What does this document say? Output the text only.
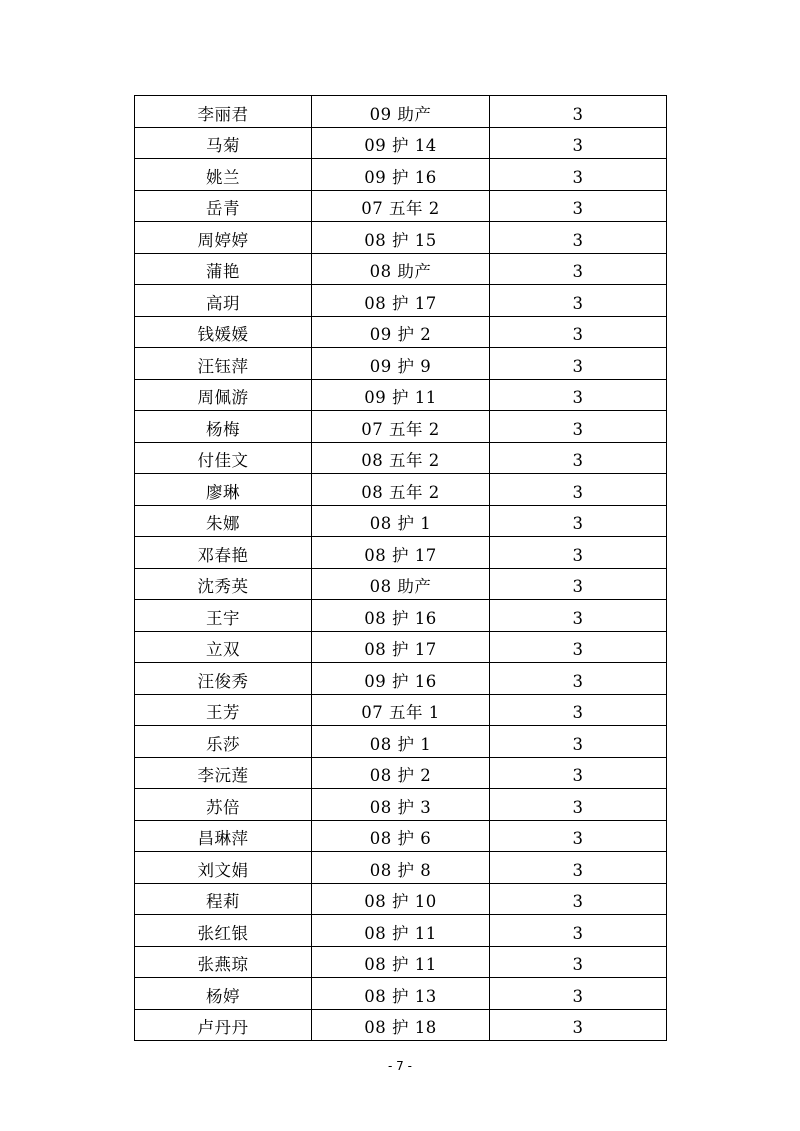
李丽君	09 助产	3
马菊	09 护 14	3
姚兰	09 护 16	3
岳青	07 五年 2	3
周婷婷	08 护 15	3
蒲艳	08 助产	3
高玥	08 护 17	3
钱媛媛	09 护 2	3
汪钰萍	09 护 9	3
周佩游	09 护 11	3
杨梅	07 五年 2	3
付佳文	08 五年 2	3
廖琳	08 五年 2	3
朱娜	08 护 1	3
邓春艳	08 护 17	3
沈秀英	08 助产	3
王宇	08 护 16	3
立双	08 护 17	3
汪俊秀	09 护 16	3
王芳	07 五年 1	3
乐莎	08 护 1	3
李沅莲	08 护 2	3
苏倍	08 护 3	3
昌琳萍	08 护 6	3
刘文娟	08 护 8	3
程莉	08 护 10	3
张红银	08 护 11	3
张燕琼	08 护 11	3
杨婷	08 护 13	3
卢丹丹	08 护 18	3
- 7 -
